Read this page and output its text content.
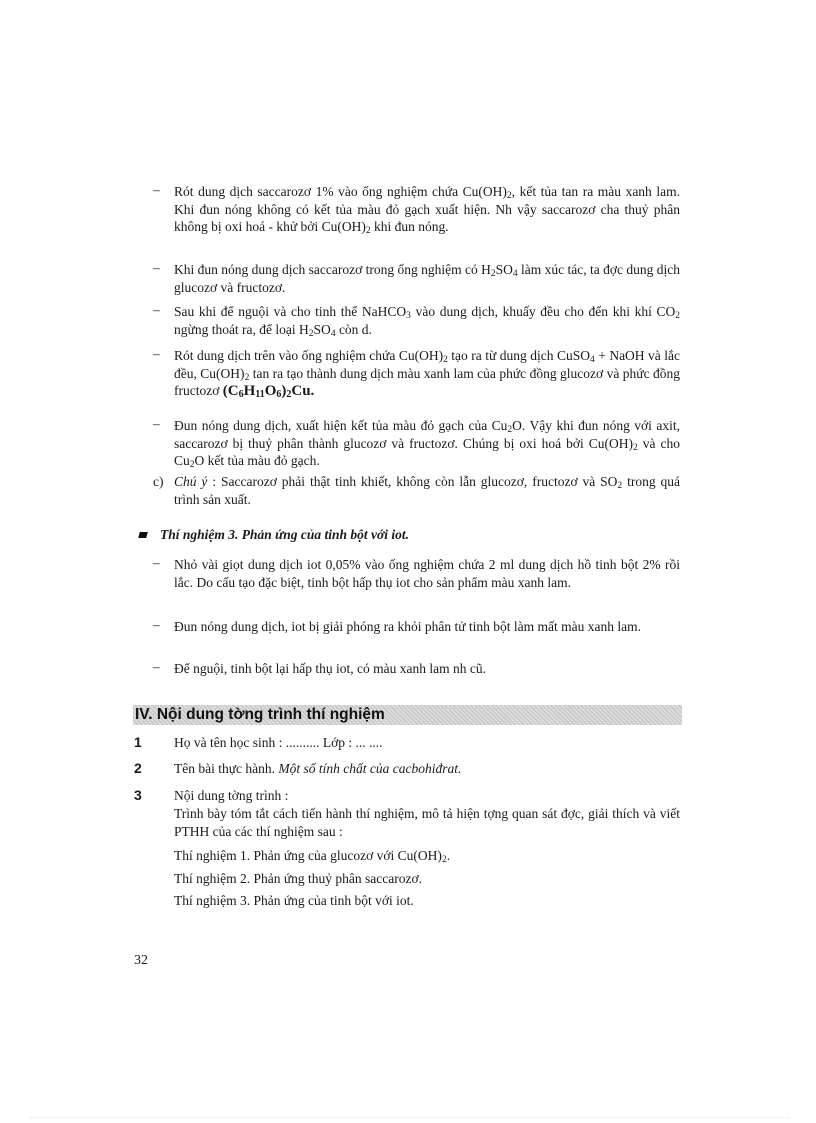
– Rót dung dịch saccarozơ 1% vào ống nghiệm chứa $Cu(OH)_2$, kết tủa tan ra màu xanh lam. Khi đun nóng không có kết tủa màu đỏ gạch xuất hiện. Nh vậy saccarozơ cha thuỷ phân không bị oxi hoá - khử bởi $Cu(OH)_2$ khi đun nóng.
– Khi đun nóng dung dịch saccarozơ trong ống nghiệm có $H_2SO_4$ làm xúc tác, ta đợc dung dịch glucozơ và fructozơ.
– Sau khi để nguội và cho tinh thể NaHCO$_3$ vào dung dịch, khuấy đều cho đến khi khí $CO_2$ ngừng thoát ra, để loại $H_2SO_4$ còn d.
– Rót dung dịch trên vào ống nghiệm chứa $Cu(OH)_2$ tạo ra từ dung dịch CuSO$_4$ + NaOH và lắc đều, $Cu(OH)_2$ tan ra tạo thành dung dịch màu xanh lam của phức đồng glucozơ và phức đồng fructozơ $(C_6H_{11}O_6)_2Cu$.
– Đun nóng dung dịch, xuất hiện kết tủa màu đỏ gạch của $Cu_2O$. Vậy khi đun nóng với axit, saccarozơ bị thuỷ phân thành glucozơ và fructozơ. Chúng bị oxi hoá bởi $Cu(OH)_2$ và cho $Cu_2O$ kết tủa màu đỏ gạch.
c) Chú ý : Saccarozơ phải thật tinh khiết, không còn lẫn glucozơ, fructozơ và $SO_2$ trong quá trình sản xuất.
Thí nghiệm 3. Phản ứng của tinh bột với iot.
– Nhỏ vài giọt dung dịch iot 0,05% vào ống nghiệm chứa 2 ml dung dịch hồ tinh bột 2% rồi lắc. Do cấu tạo đặc biệt, tinh bột hấp thụ iot cho sản phẩm màu xanh lam.
– Đun nóng dung dịch, iot bị giải phóng ra khỏi phân tử tinh bột làm mất màu xanh lam.
– Để nguội, tinh bột lại hấp thụ iot, có màu xanh lam nh cũ.
IV. Nội dung tờng trình thí nghiệm
1 Họ và tên học sinh : .......... Lớp : ... ....
2 Tên bài thực hành. Một số tính chất của cacbohiđrat.
3 Nội dung tờng trình :
Trình bày tóm tắt cách tiến hành thí nghiệm, mô tả hiện tợng quan sát đợc, giải thích và viết PTHH của các thí nghiệm sau :
Thí nghiệm 1. Phản ứng của glucozơ với $Cu(OH)_2$.
Thí nghiệm 2. Phản ứng thuỷ phân saccarozơ.
Thí nghiệm 3. Phản ứng của tinh bột với iot.
32
